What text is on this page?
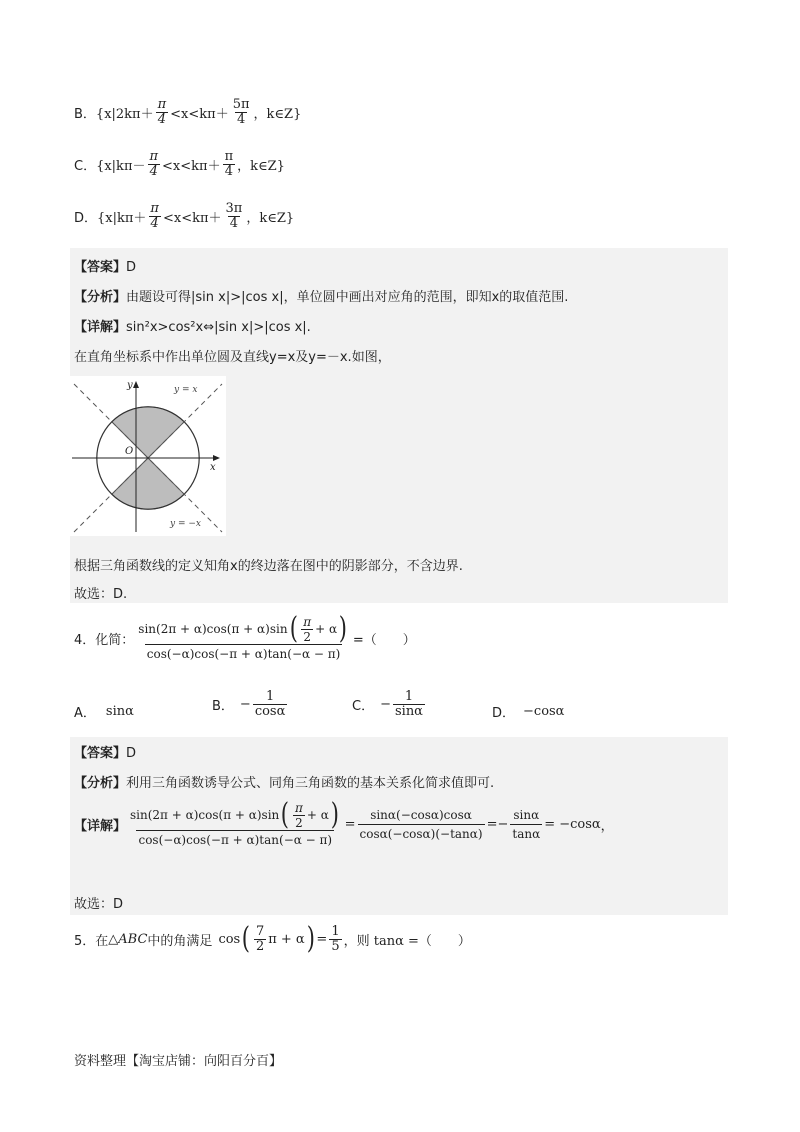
B． {$x|2k\pi+ \frac{\pi}{4} <x<k\pi+ \frac{5\pi}{4}$ ，k∈Z}
C． {$x|k\pi- \frac{\pi}{4} <x<k\pi+ \frac{\pi}{4}$ ，k∈Z}
D． {$x|k\pi+ \frac{\pi}{4} <x<k\pi+ \frac{3\pi}{4}$ ，k∈Z}
【答案】D
【分析】由题设可得|sin x|>|cos x|，单位圆中画出对应角的范围，即知x的取值范围.
【详解】sin²x>cos²x⇔|sin x|>|cos x|.
在直角坐标系中作出单位圆及直线y=x及y=－x.如图，
y
x
O
y = x
y = −x
根据三角函数线的定义知角x的终边落在图中的阴影部分，不含边界.
故选：D.
4．化简： $\frac{\sin(2\pi + \alpha)\cos(\pi + \alpha)\sin ( \frac{\pi}{2} + \alpha )}{\cos(-\alpha)\cos(-\pi + \alpha)\tan(-\alpha - \pi)}$ =（　　）
A． sinα	B． − $\frac{1}{\cos\alpha}$	C． − $\frac{1}{\sin\alpha}$	D． −cosα
【答案】D
【分析】利用三角函数诱导公式、同角三角函数的基本关系化简求值即可.
【详解】 $\frac{\sin(2\pi + \alpha)\cos(\pi + \alpha)\sin ( \frac{\pi}{2} + \alpha )}{\cos(-\alpha)\cos(-\pi + \alpha)\tan(-\alpha - \pi)} = \frac{\sin\alpha(-\cos\alpha)\cos\alpha}{\cos\alpha(-\cos\alpha)(-\tan\alpha)}$ = − $\frac{\sin\alpha}{\tan\alpha} = -\cos\alpha$ ，
故选：D
5．在 △ABC 中的角满足 cos ( $\frac{7}{2}$ π + α ) = $\frac{1}{5}$ ，则 tanα =（　　）
资料整理【淘宝店铺：向阳百分百】
